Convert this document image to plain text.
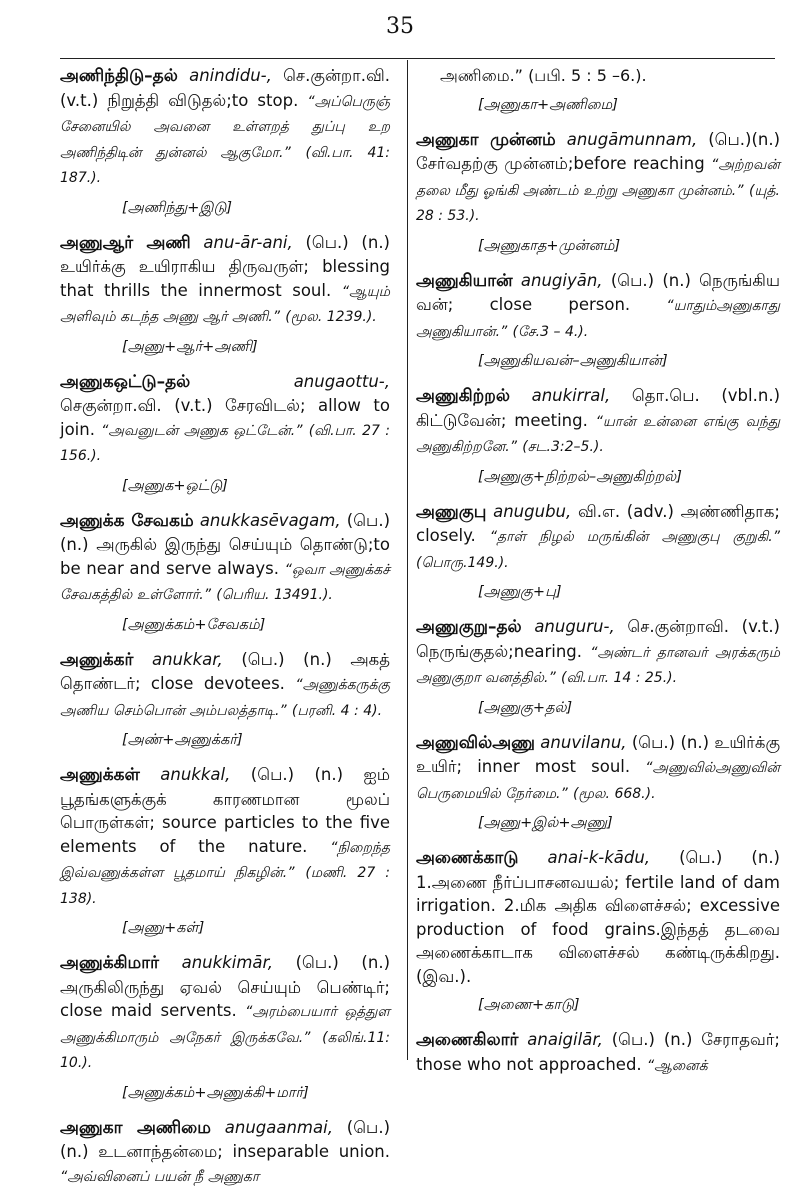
35
அணிந்திடு–தல் anindidu-, செ.குன்றா.வி. (v.t.) நிறுத்தி விடுதல்;to stop. “அப்பெருஞ் சேனையில் அவனை உள்ளறத் துப்பு உற அணிந்திடின் துன்னல் ஆகுமோ.” (வி.பா. 41: 187.).
[அணிந்து+இடு]
அணுஆர் அணி anu-ār-ani, (பெ.) (n.) உயிர்க்கு உயிராகிய திருவருள்; blessing that thrills the innermost soul. “ஆயும் அளிவும் கடந்த அணு ஆர் அணி.” (மூல. 1239.).
[அணு+ஆர்+அணி]
அணுகஒட்டு–தல்	anugaottu-, செகுன்றா.வி. (v.t.) சேரவிடல்; allow to join. “அவனுடன் அணுக ஒட்டேன்.” (வி.பா. 27 : 156.).
[அணுக+ஒட்டு]
அணுக்க சேவகம் anukkasēvagam, (பெ.) (n.) அருகில் இருந்து செய்யும் தொண்டு;to be near and serve always. “ஒவா அணுக்கச் சேவகத்தில் உள்ளோர்.” (பெரிய. 13491.).
[அணுக்கம்+சேவகம்]
அணுக்கர் anukkar, (பெ.) (n.) அகத் தொண்டர்; close devotees. “அணுக்கருக்கு அணிய செம்பொன் அம்பலத்தாடி.” (பரனி. 4 : 4).
[அண்+அணுக்கர்]
அணுக்கள் anukkal, (பெ.) (n.) ஐம் பூதங்களுக்குக் காரணமான மூலப் பொருள்கள்; source particles to the five elements of the nature. “நிறைந்த இவ்வணுக்கள்ள பூதமாய் நிகழின்.” (மணி. 27 : 138).
[அணு+கள்]
அணுக்கிமார் anukkimār, (பெ.) (n.) அருகிலிருந்து ஏவல் செய்யும் பெண்டிர்; close maid servents. “அரம்பையார் ஒத்துள அணுக்கிமாரும் அநேகர் இருக்கவே.” (கலிங்.11: 10.).
[அணுக்கம்+அணுக்கி+மார்]
அணுகா அணிமை anugaanmai, (பெ.) (n.) உடனாந்தன்மை; inseparable union. “அவ்வினைப் பயன் நீ அணுகா
அணிமை.” (பபி. 5 : 5 –6.).
[அணுகா+அணிமை]
அணுகா முன்னம் anugāmunnam, (பெ.)(n.) சேர்வதற்கு முன்னம்;before reaching “அற்றவன் தலை மீது ஓங்கி அண்டம் உற்று அணுகா முன்னம்.” (யுத். 28 : 53.).
[அணுகாத+முன்னம்]
அணுகியான் anugiyān, (பெ.) (n.) நெருங்கிய வன்; close person.	“யாதும்அணுகாது அணுகியான்.” (சே.3 – 4.).
[அணுகியவன்–அணுகியான்]
அணுகிற்றல் anukirral, தொ.பெ. (vbl.n.) கிட்டுவேன்; meeting. “யான் உன்னை எங்கு வந்து அணுகிற்றனே.” (சட.3:2–5.).
[அணுகு+நிற்றல்–அணுகிற்றல்]
அணுகுபு anugubu, வி.எ. (adv.) அண்ணிதாக; closely. “தாள் நிழல் மருங்கின் அணுகுபு குறுகி.” (பொரு.149.).
[அணுகு+பு]
அணுகுறு–தல் anuguru-, செ.குன்றாவி. (v.t.) நெருங்குதல்;nearing. “அண்டர் தானவர் அரக்கரும் அணுகுறா வனத்தில்.” (வி.பா. 14 : 25.).
[அணுகு+தல்]
அணுவில்அணு anuvilanu, (பெ.) (n.) உயிர்க்கு உயிர்; inner most soul. “அணுவில்அணுவின் பெருமையில் நேர்மை.” (மூல. 668.).
[அணு+இல்+அணு]
அணைக்காடு anai-k-kādu, (பெ.) (n.) 1.அணை நீர்ப்பாசனவயல்; fertile land of dam irrigation. 2.மிக அதிக விளைச்சல்; excessive production of food grains.இந்தத் தடவை அணைக்காடாக விளைச்சல் கண்டிருக்கிறது.(இவ.).
[அணை+காடு]
அணைகிலார் anaigilār, (பெ.) (n.) சேராதவர்; those who not approached. “ஆனைக்
